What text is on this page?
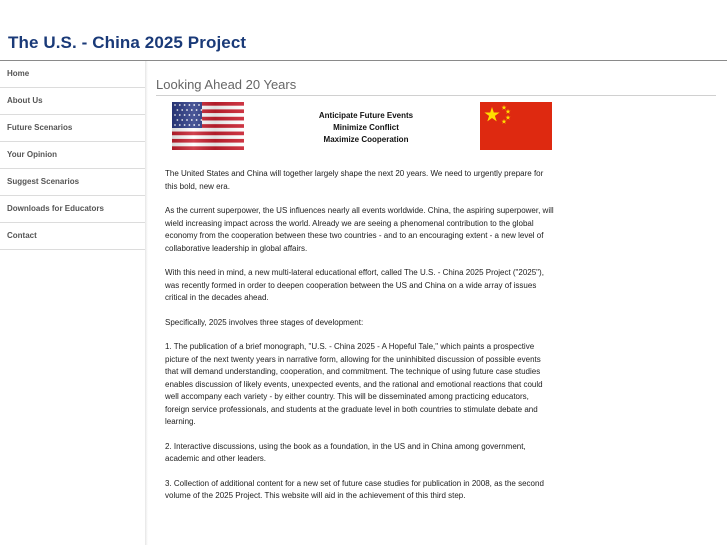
The U.S. - China 2025 Project
Home
About Us
Future Scenarios
Your Opinion
Suggest Scenarios
Downloads for Educators
Contact
Looking Ahead 20 Years
Anticipate Future Events
Minimize Conflict
Maximize Cooperation

The United States and China will together largely shape the next 20 years. We need to urgently prepare for this bold, new era.

As the current superpower, the US influences nearly all events worldwide. China, the aspiring superpower, will wield increasing impact across the world. Already we are seeing a phenomenal contribution to the global economy from the cooperation between these two countries - and to an encouraging extent - a new level of collaborative leadership in global affairs.

With this need in mind, a new multi-lateral educational effort, called The U.S. - China 2025 Project ("2025"), was recently formed in order to deepen cooperation between the US and China on a wide array of issues critical in the decades ahead.

Specifically, 2025 involves three stages of development:

1. The publication of a brief monograph, "U.S. - China 2025 - A Hopeful Tale," which paints a prospective picture of the next twenty years in narrative form, allowing for the uninhibited discussion of possible events that will demand understanding, cooperation, and commitment. The technique of using future case studies enables discussion of likely events, unexpected events, and the rational and emotional reactions that could well accompany each variety - by either country. This will be disseminated among practicing educators, foreign service professionals, and students at the graduate level in both countries to stimulate debate and learning.

2. Interactive discussions, using the book as a foundation, in the US and in China among government, academic and other leaders.

3. Collection of additional content for a new set of future case studies for publication in 2008, as the second volume of the 2025 Project. This website will aid in the achievement of this third step.
